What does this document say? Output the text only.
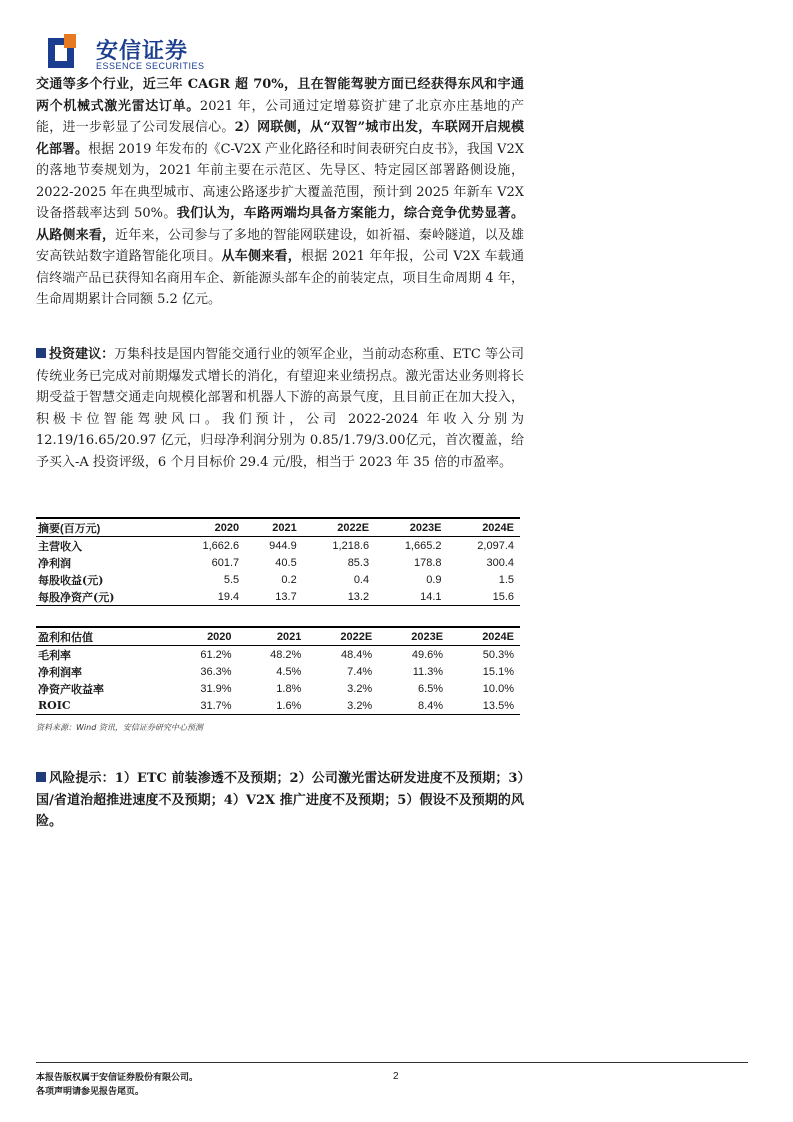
安信证券
ESSENCE SECURITIES
交通等多个行业，近三年 CAGR 超 70%，且在智能驾驶方面已经获得东风和宇通两个机械式激光雷达订单。2021 年，公司通过定增募资扩建了北京亦庄基地的产能，进一步彰显了公司发展信心。2）网联侧，从“双智”城市出发，车联网开启规模化部署。根据 2019 年发布的《C-V2X 产业化路径和时间表研究白皮书》，我国 V2X 的落地节奏规划为，2021 年前主要在示范区、先导区、特定园区部署路侧设施，2022-2025 年在典型城市、高速公路逐步扩大覆盖范围，预计到 2025 年新车 V2X 设备搭载率达到 50%。我们认为，车路两端均具备方案能力，综合竞争优势显著。从路侧来看，近年来，公司参与了多地的智能网联建设，如祈福、秦岭隧道，以及雄安高铁站数字道路智能化项目。从车侧来看，根据 2021 年年报，公司 V2X 车载通信终端产品已获得知名商用车企、新能源头部车企的前装定点，项目生命周期 4 年，生命周期累计合同额 5.2 亿元。
投资建议：万集科技是国内智能交通行业的领军企业，当前动态称重、ETC 等公司传统业务已完成对前期爆发式增长的消化，有望迎来业绩拐点。激光雷达业务则将长期受益于智慧交通走向规模化部署和机器人下游的高景气度，且目前正在加大投入，积极卡位智能驾驶风口。我们预计，公司 2022-2024 年收入分别为 12.19/16.65/20.97 亿元，归母净利润分别为 0.85/1.79/3.00亿元，首次覆盖，给予买入-A 投资评级，6 个月目标价 29.4 元/股，相当于 2023 年 35 倍的市盈率。
摘要(百万元)	2020	2021	2022E	2023E	2024E
主营收入	1,662.6	944.9	1,218.6	1,665.2	2,097.4
净利润	601.7	40.5	85.3	178.8	300.4
每股收益(元)	5.5	0.2	0.4	0.9	1.5
每股净资产(元)	19.4	13.7	13.2	14.1	15.6
盈利和估值	2020	2021	2022E	2023E	2024E
毛利率	61.2%	48.2%	48.4%	49.6%	50.3%
净利润率	36.3%	4.5%	7.4%	11.3%	15.1%
净资产收益率	31.9%	1.8%	3.2%	6.5%	10.0%
ROIC	31.7%	1.6%	3.2%	8.4%	13.5%
资料来源：Wind 资讯，安信证券研究中心预测
风险提示：1）ETC 前装渗透不及预期；2）公司激光雷达研发进度不及预期；3）国/省道治超推进速度不及预期；4）V2X 推广进度不及预期；5）假设不及预期的风险。
本报告版权属于安信证券股份有限公司。
各项声明请参见报告尾页。
2
